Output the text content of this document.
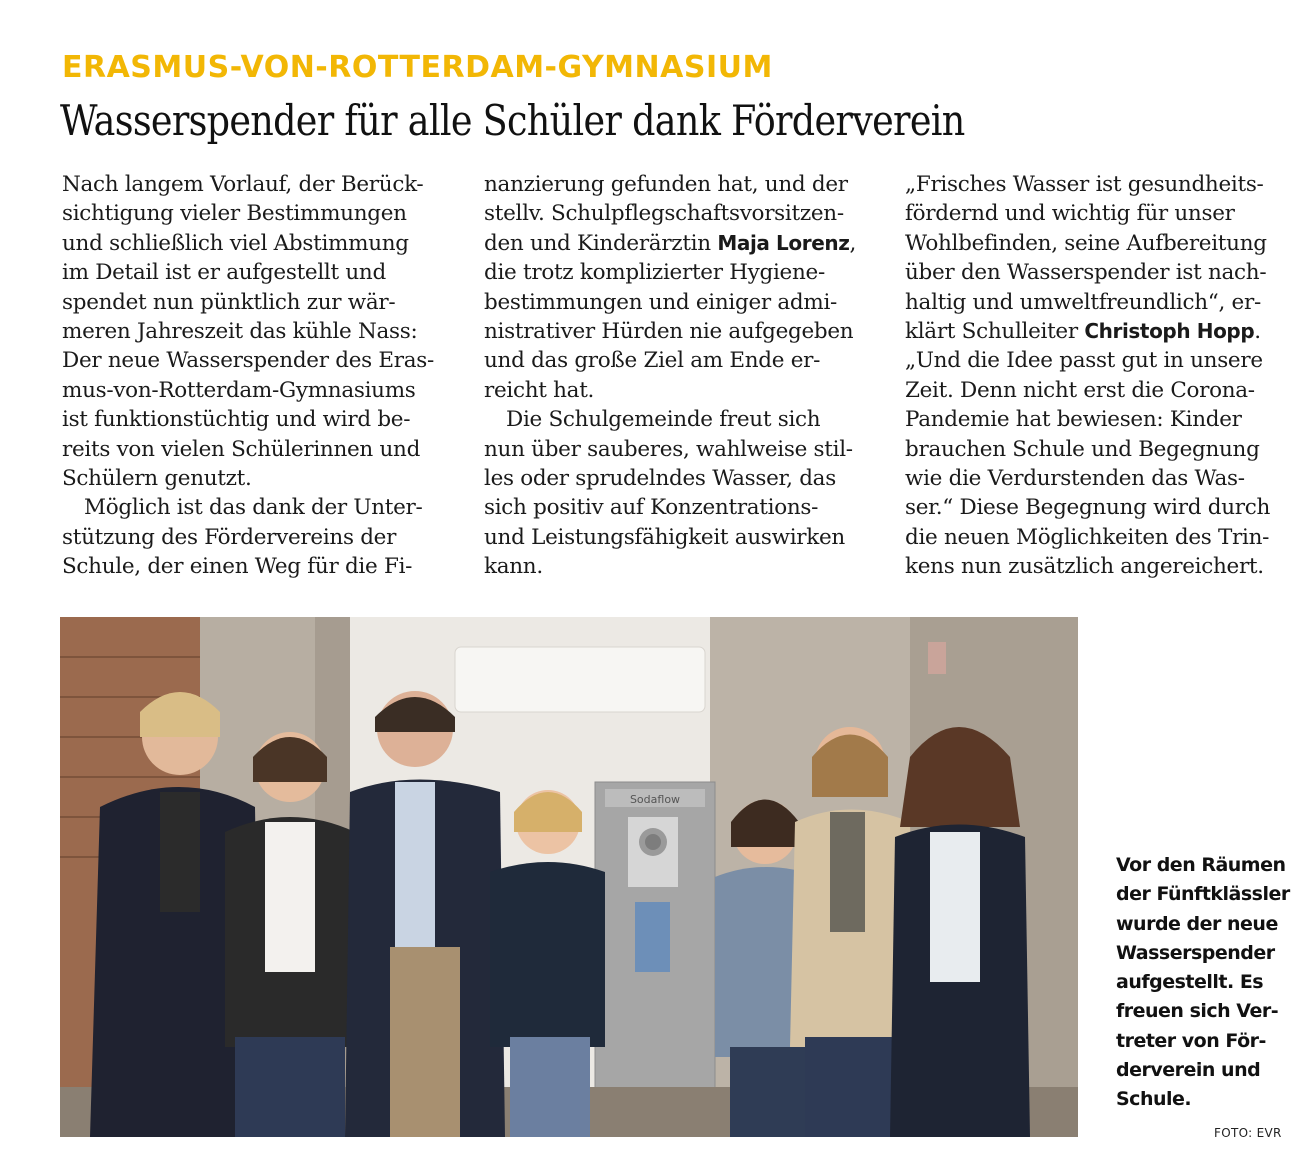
ERASMUS-VON-ROTTERDAM-GYMNASIUM
Wasserspender für alle Schüler dank Förderverein
Nach langem Vorlauf, der Berück-
sichtigung vieler Bestimmungen
und schließlich viel Abstimmung
im Detail ist er aufgestellt und
spendet nun pünktlich zur wär-
meren Jahreszeit das kühle Nass:
Der neue Wasserspender des Eras-
mus-von-Rotterdam-Gymnasiums
ist funktionstüchtig und wird be-
reits von vielen Schülerinnen und
Schülern genutzt.
Möglich ist das dank der Unter-
stützung des Fördervereins der
Schule, der einen Weg für die Fi-
nanzierung gefunden hat, und der
stellv. Schulpflegschaftsvorsitzen-
den und Kinderärztin Maja Lorenz,
die trotz komplizierter Hygiene-
bestimmungen und einiger admi-
nistrativer Hürden nie aufgegeben
und das große Ziel am Ende er-
reicht hat.
Die Schulgemeinde freut sich
nun über sauberes, wahlweise stil-
les oder sprudelndes Wasser, das
sich positiv auf Konzentrations-
und Leistungsfähigkeit auswirken
kann.
„Frisches Wasser ist gesundheits-
fördernd und wichtig für unser
Wohlbefinden, seine Aufbereitung
über den Wasserspender ist nach-
haltig und umweltfreundlich“, er-
klärt Schulleiter Christoph Hopp.
„Und die Idee passt gut in unsere
Zeit. Denn nicht erst die Corona-
Pandemie hat bewiesen: Kinder
brauchen Schule und Begegnung
wie die Verdurstenden das Was-
ser.“ Diese Begegnung wird durch
die neuen Möglichkeiten des Trin-
kens nun zusätzlich angereichert.
Sodaflow
Vor den Räumen
der Fünftklässler
wurde der neue
Wasserspender
aufgestellt. Es
freuen sich Ver-
treter von För-
derverein und
Schule.
FOTO: EVR
